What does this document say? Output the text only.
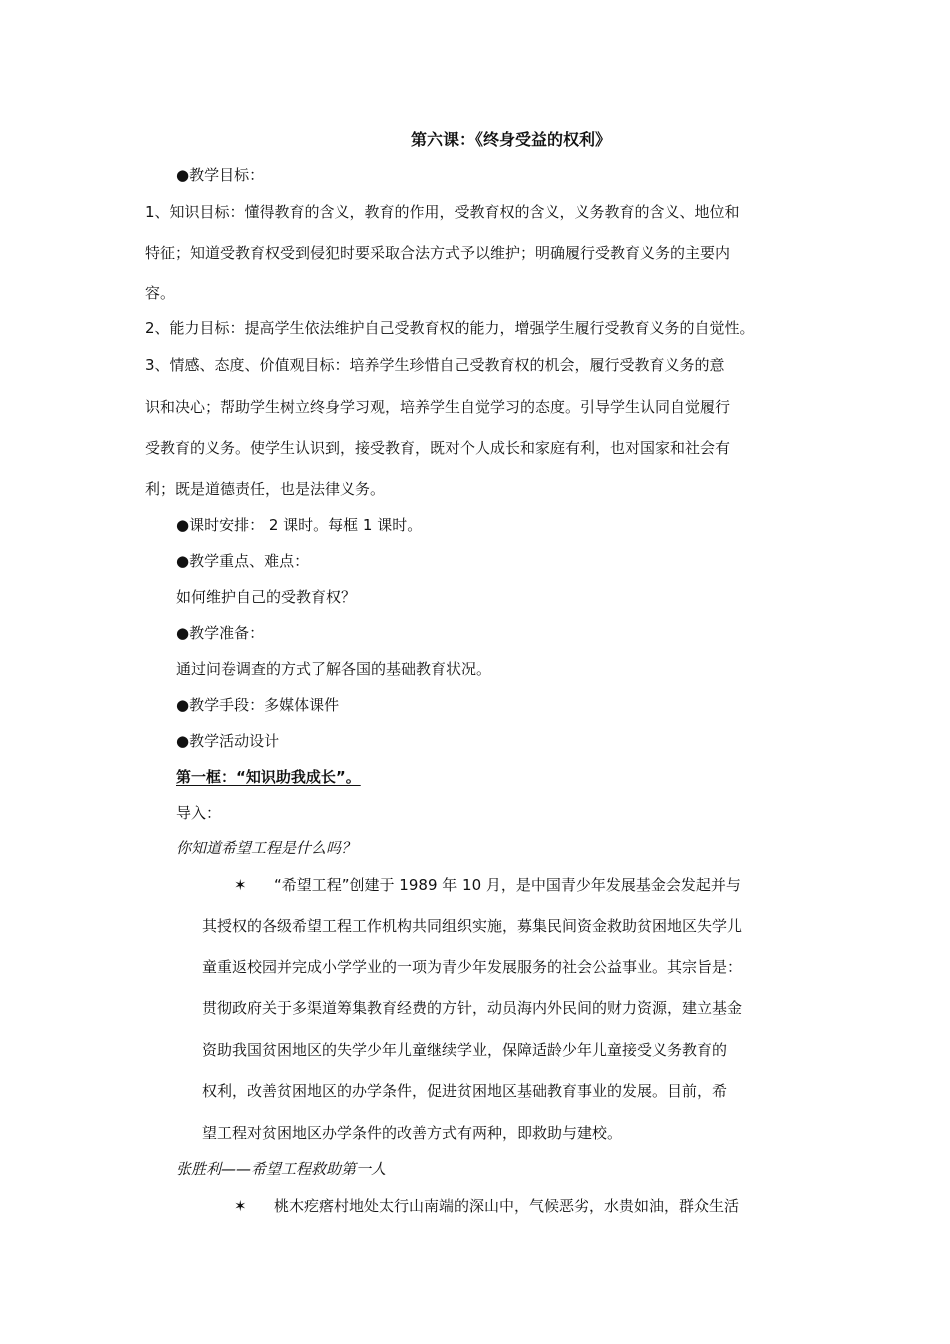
第六课：《终身受益的权利》
●教学目标：
1、知识目标：懂得教育的含义，教育的作用，受教育权的含义，义务教育的含义、地位和
特征；知道受教育权受到侵犯时要采取合法方式予以维护；明确履行受教育义务的主要内
容。
2、能力目标：提高学生依法维护自己受教育权的能力，增强学生履行受教育义务的自觉性。
3、情感、态度、价值观目标：培养学生珍惜自己受教育权的机会，履行受教育义务的意
识和决心；帮助学生树立终身学习观，培养学生自觉学习的态度。引导学生认同自觉履行
受教育的义务。使学生认识到，接受教育，既对个人成长和家庭有利，也对国家和社会有
利；既是道德责任，也是法律义务。
●课时安排： 2 课时。每框 1 课时。
●教学重点、难点：
如何维护自己的受教育权？
●教学准备：
通过问卷调查的方式了解各国的基础教育状况。
●教学手段：多媒体课件
●教学活动设计
第一框：“知识助我成长”。
导入：
你知道希望工程是什么吗？
✶ “希望工程”创建于 1989 年 10 月，是中国青少年发展基金会发起并与
其授权的各级希望工程工作机构共同组织实施，募集民间资金救助贫困地区失学儿
童重返校园并完成小学学业的一项为青少年发展服务的社会公益事业。其宗旨是：
贯彻政府关于多渠道筹集教育经费的方针，动员海内外民间的财力资源，建立基金
资助我国贫困地区的失学少年儿童继续学业，保障适龄少年儿童接受义务教育的
权利，改善贫困地区的办学条件，促进贫困地区基础教育事业的发展。目前，希
望工程对贫困地区办学条件的改善方式有两种，即救助与建校。
张胜利——希望工程救助第一人
✶ 桃木疙瘩村地处太行山南端的深山中，气候恶劣，水贵如油，群众生活
